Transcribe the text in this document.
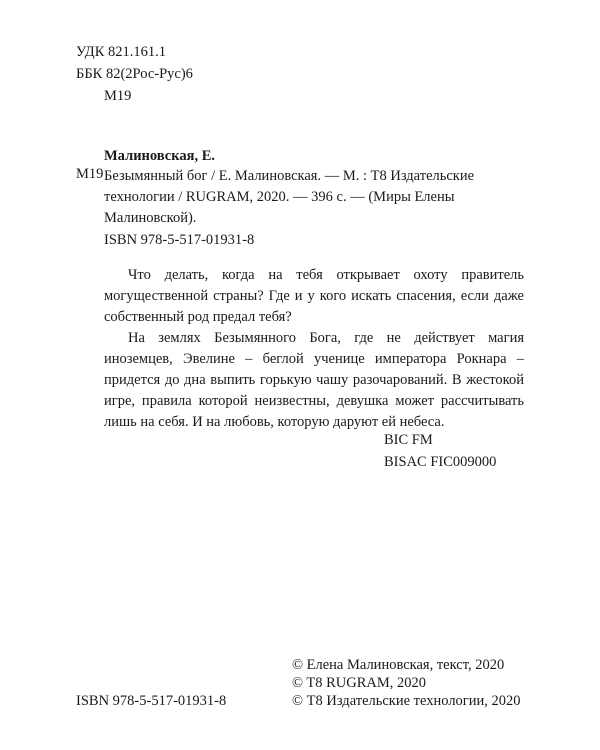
УДК 821.161.1
ББК 82(2Рос-Рус)6
М19
Малиновская, Е.
М19 Безымянный бог / Е. Малиновская. — М. : Т8 Издательские технологии / RUGRAM, 2020. — 396 с. — (Миры Елены Малиновской).
ISBN 978-5-517-01931-8

Что делать, когда на тебя открывает охоту правитель могущественной страны? Где и у кого искать спасения, если даже собственный род предал тебя?

На землях Безымянного Бога, где не действует магия иноземцев, Эвелине – беглой ученице императора Рокнара – придется до дна выпить горькую чашу разочарований. В жестокой игре, правила которой неизвестны, девушка может рассчитывать лишь на себя. И на любовь, которую даруют ей небеса.

BIC FM
BISAC FIC009000
© Елена Малиновская, текст, 2020
© T8 RUGRAM, 2020
© Т8 Издательские технологии, 2020
ISBN 978-5-517-01931-8
